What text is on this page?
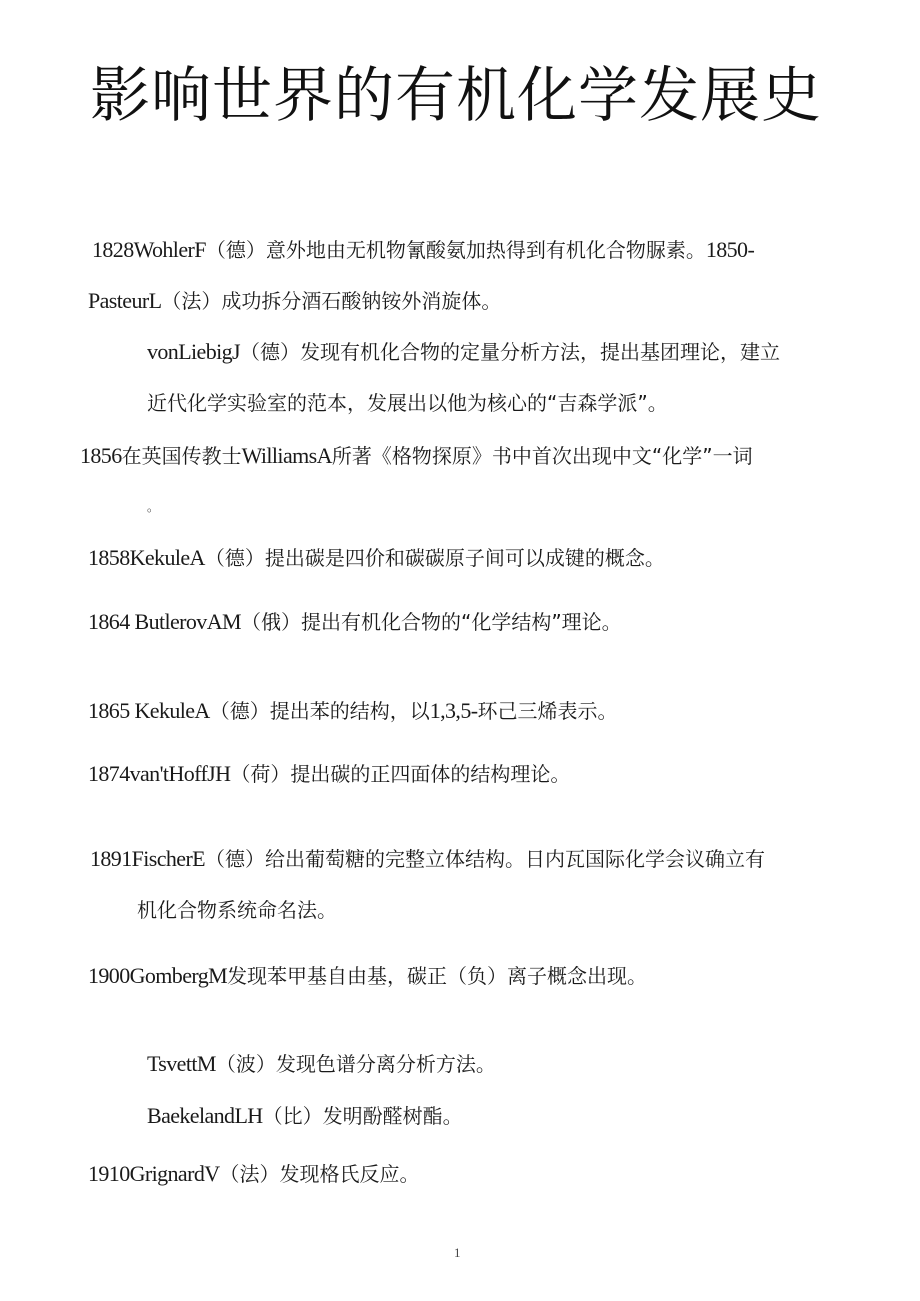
影响世界的有机化学发展史
1828WohlerF（德）意外地由无机物氰酸氨加热得到有机化合物脲素。1850-
PasteurL（法）成功拆分酒石酸钠铵外消旋体。
vonLiebigJ（德）发现有机化合物的定量分析方法，提出基团理论，建立
近代化学实验室的范本，发展出以他为核心的“吉森学派”。
1856在英国传教士WilliamsA所著《格物探原》书中首次出现中文“化学”一词
。
1858KekuleA（德）提出碳是四价和碳碳原子间可以成键的概念。
1864 ButlerovAM（俄）提出有机化合物的“化学结构”理论。
1865 KekuleA（德）提出苯的结构，以1,3,5-环己三烯表示。
1874van'tHoffJH（荷）提出碳的正四面体的结构理论。
1891FischerE（德）给出葡萄糖的完整立体结构。日内瓦国际化学会议确立有
机化合物系统命名法。
1900GombergM发现苯甲基自由基，碳正（负）离子概念出现。
TsvettM（波）发现色谱分离分析方法。
BaekelandLH（比）发明酚醛树酯。
1910GrignardV（法）发现格氏反应。
1
